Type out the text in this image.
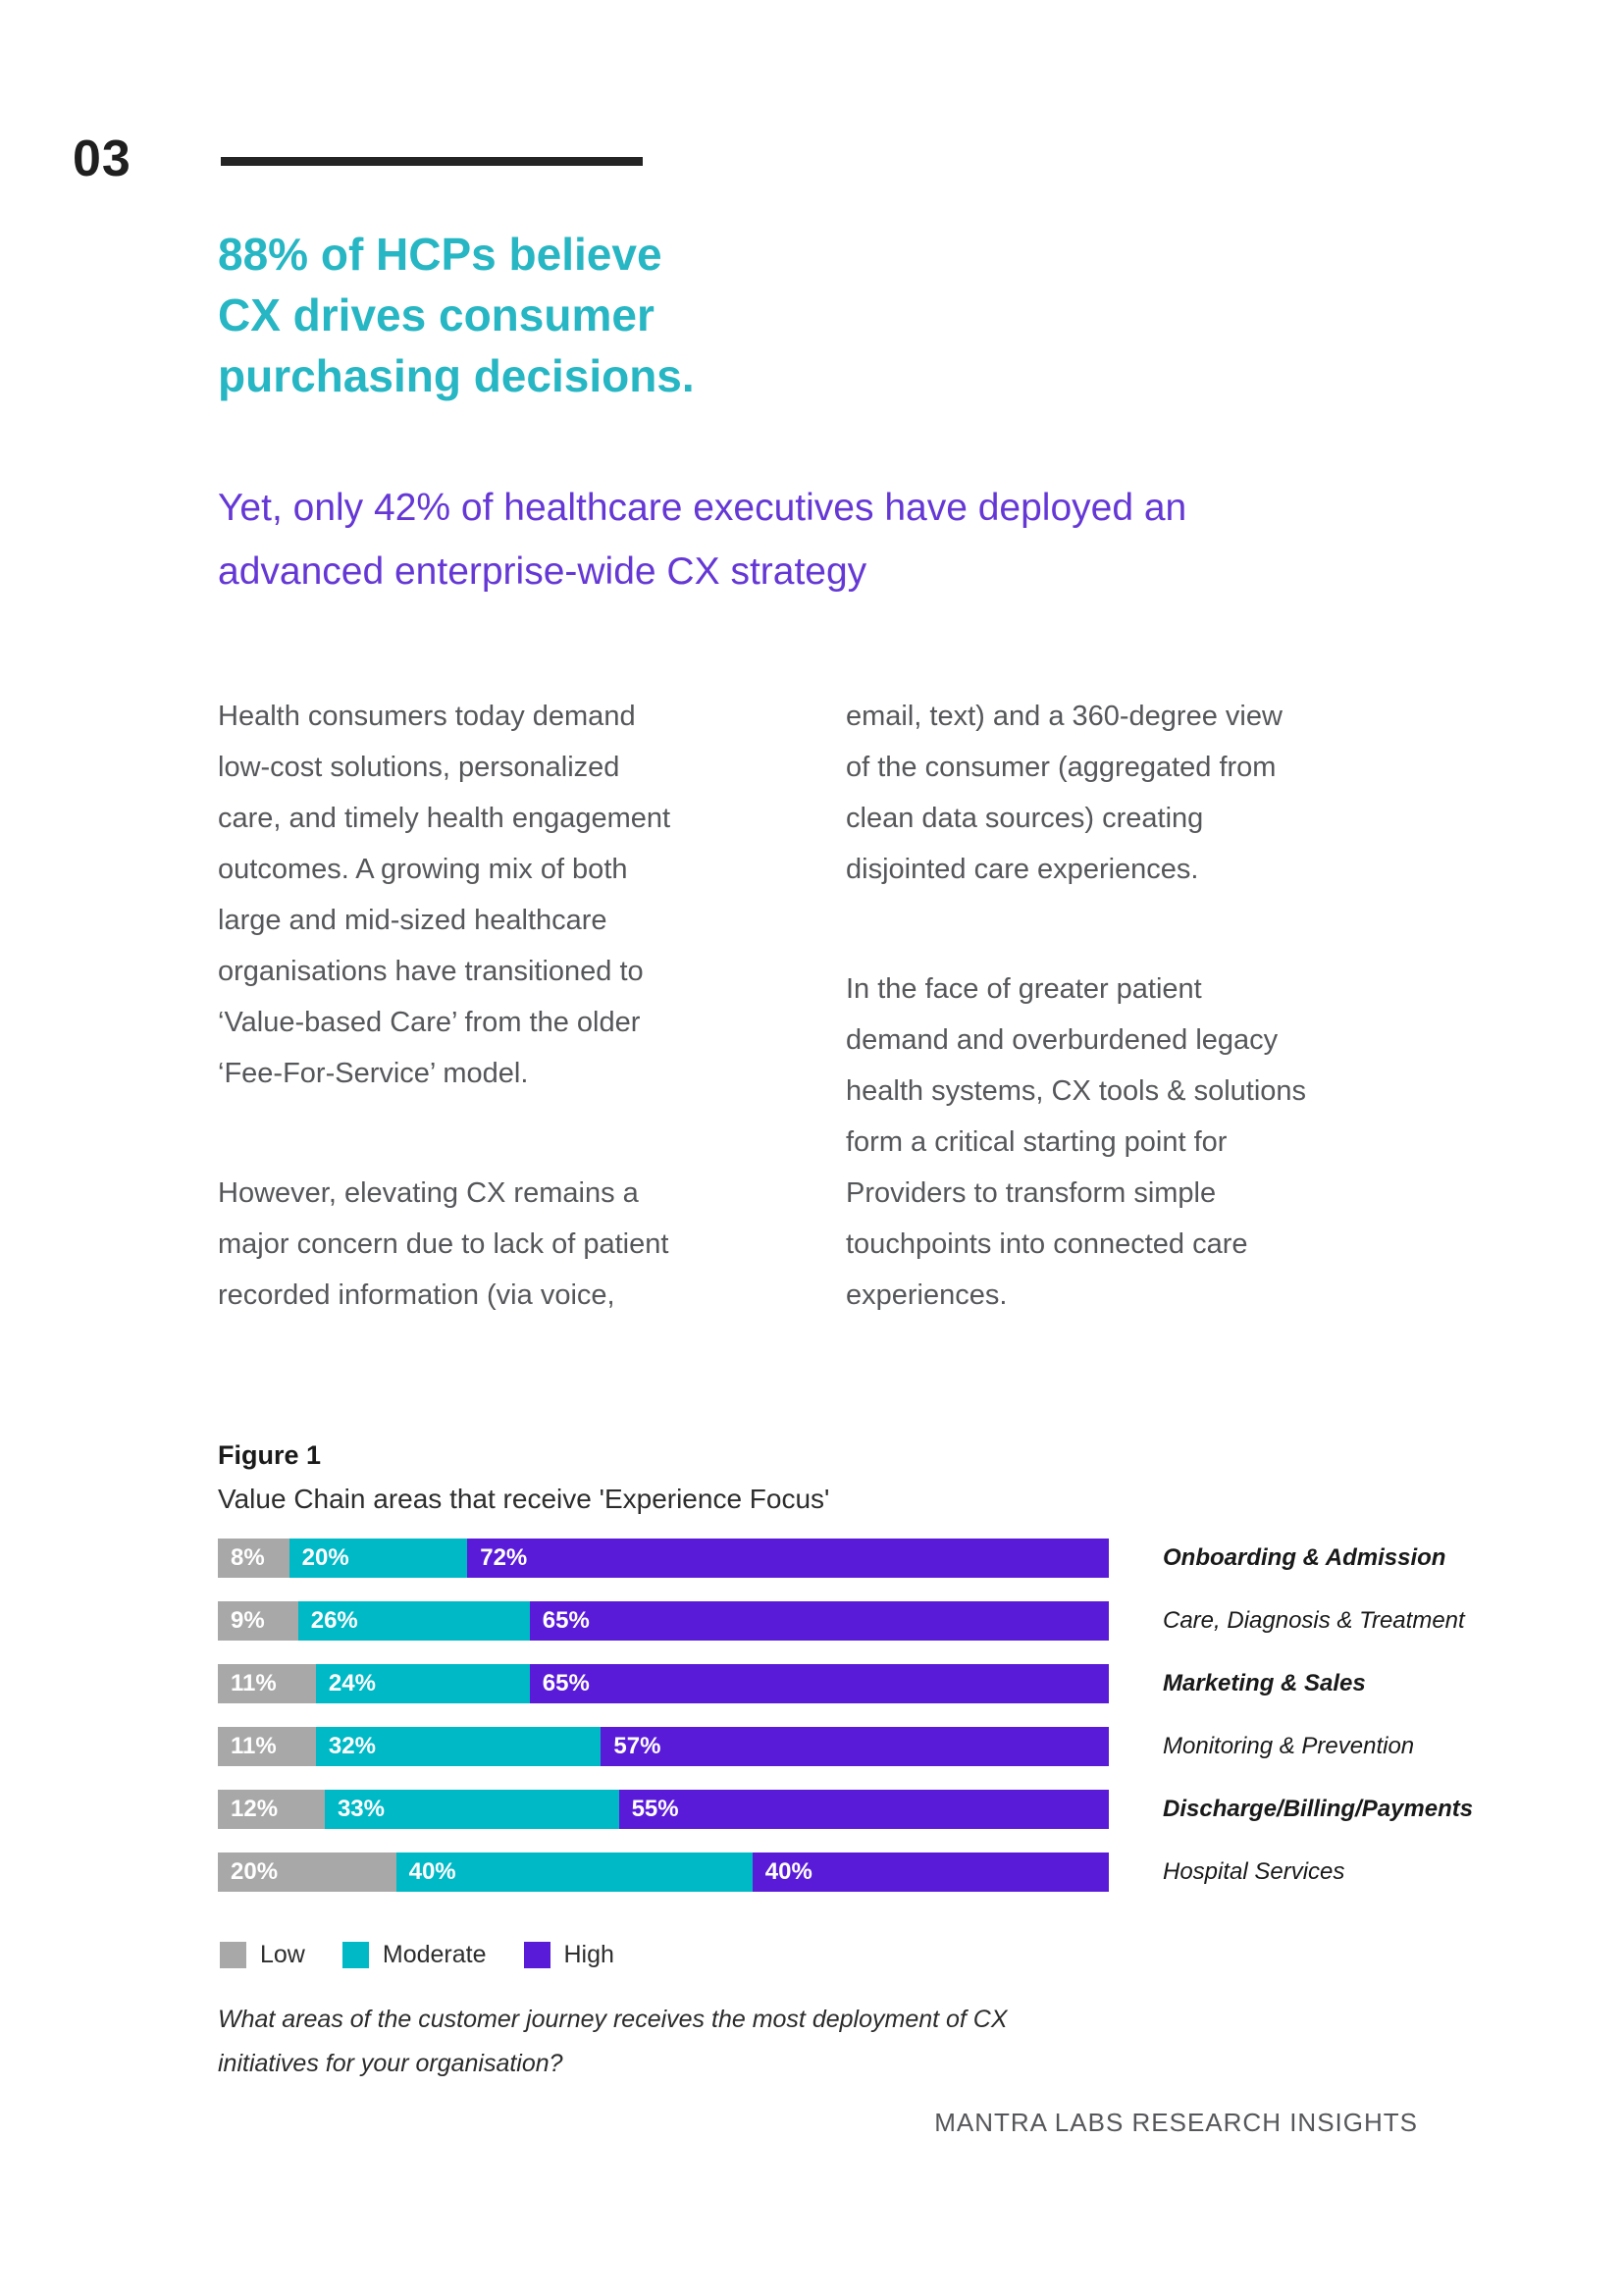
03
88% of HCPs believe
CX drives consumer
purchasing decisions.
Yet, only 42% of healthcare executives have deployed an
advanced enterprise-wide CX strategy

Health consumers today demand
low-cost solutions, personalized
care, and timely health engagement
outcomes. A growing mix of both
large and mid-sized healthcare
organisations have transitioned to
‘Value-based Care’ from the older
‘Fee-For-Service’ model.

However, elevating CX remains a
major concern due to lack of patient
recorded information (via voice,

email, text) and a 360-degree view
of the consumer (aggregated from
clean data sources) creating
disjointed care experiences.

In the face of greater patient
demand and overburdened legacy
health systems, CX tools & solutions
form a critical starting point for
Providers to transform simple
touchpoints into connected care
experiences.

Figure 1
Value Chain areas that receive 'Experience Focus'
8%	20%	72%	Onboarding & Admission
9%	26%	65%	Care, Diagnosis & Treatment
11%	24%	65%	Marketing & Sales
11%	32%	57%	Monitoring & Prevention
12%	33%	55%	Discharge/Billing/Payments
20%	40%	40%	Hospital Services
Low	Moderate	High
What areas of the customer journey receives the most deployment of CX
initiatives for your organisation?
MANTRA LABS RESEARCH INSIGHTS
